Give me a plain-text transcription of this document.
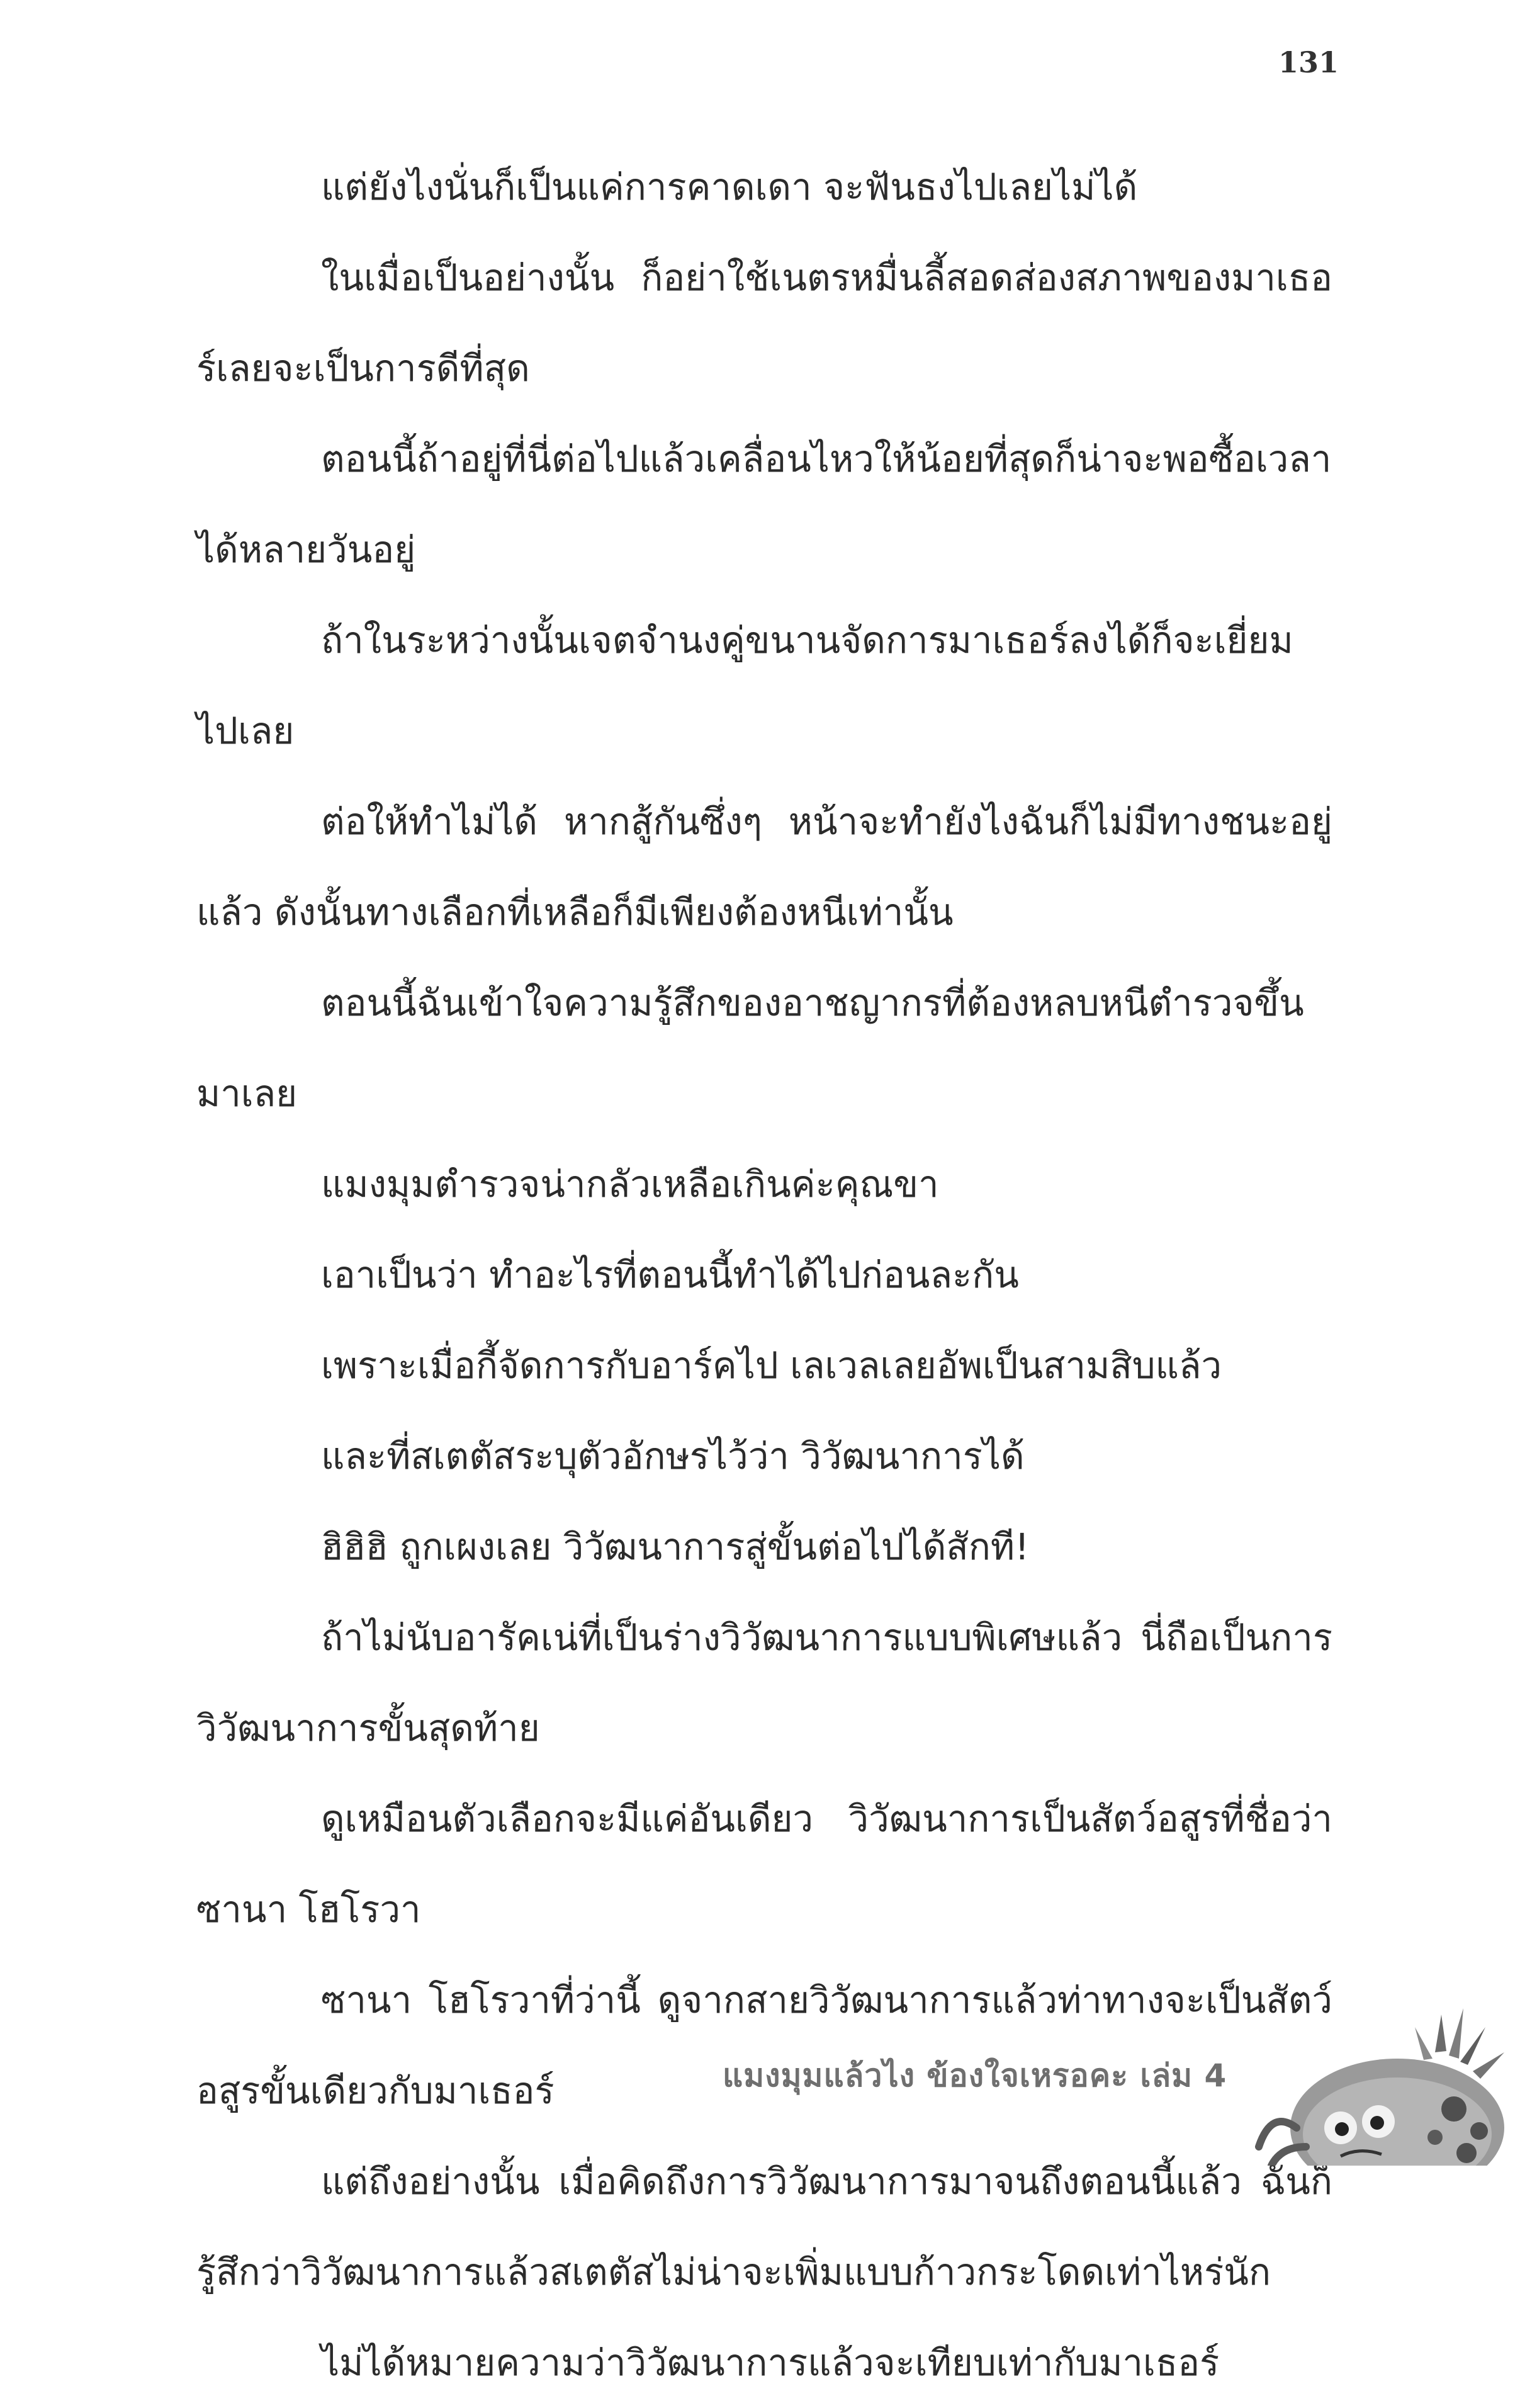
131

แต่ยังไงนั่นก็เป็นแค่การคาดเดา จะฟันธงไปเลยไม่ได้

ในเมื่อเป็นอย่างนั้น ก็อย่าใช้เนตรหมื่นลี้สอดส่องสภาพของมาเธอร์เลยจะเป็นการดีที่สุด

ตอนนี้ถ้าอยู่ที่นี่ต่อไปแล้วเคลื่อนไหวให้น้อยที่สุดก็น่าจะพอซื้อเวลาได้หลายวันอยู่

ถ้าในระหว่างนั้นเจตจำนงคู่ขนานจัดการมาเธอร์ลงได้ก็จะเยี่ยมไปเลย

ต่อให้ทำไม่ได้ หากสู้กันซึ่งๆ หน้าจะทำยังไงฉันก็ไม่มีทางชนะอยู่แล้ว ดังนั้นทางเลือกที่เหลือก็มีเพียงต้องหนีเท่านั้น

ตอนนี้ฉันเข้าใจความรู้สึกของอาชญากรที่ต้องหลบหนีตำรวจขึ้นมาเลย

แมงมุมตำรวจน่ากลัวเหลือเกินค่ะคุณขา

เอาเป็นว่า ทำอะไรที่ตอนนี้ทำได้ไปก่อนละกัน

เพราะเมื่อกี้จัดการกับอาร์คไป เลเวลเลยอัพเป็นสามสิบแล้ว

และที่สเตตัสระบุตัวอักษรไว้ว่า วิวัฒนาการได้

ฮิฮิฮิ ถูกเผงเลย วิวัฒนาการสู่ขั้นต่อไปได้สักที!

ถ้าไม่นับอารัคเน่ที่เป็นร่างวิวัฒนาการแบบพิเศษแล้ว นี่ถือเป็นการวิวัฒนาการขั้นสุดท้าย

ดูเหมือนตัวเลือกจะมีแค่อันเดียว วิวัฒนาการเป็นสัตว์อสูรที่ชื่อว่า ซานา โฮโรวา

ซานา โฮโรวาที่ว่านี้ ดูจากสายวิวัฒนาการแล้วท่าทางจะเป็นสัตว์อสูรขั้นเดียวกับมาเธอร์

แต่ถึงอย่างนั้น เมื่อคิดถึงการวิวัฒนาการมาจนถึงตอนนี้แล้ว ฉันก็รู้สึกว่าวิวัฒนาการแล้วสเตตัสไม่น่าจะเพิ่มแบบก้าวกระโดดเท่าไหร่นัก

ไม่ได้หมายความว่าวิวัฒนาการแล้วจะเทียบเท่ากับมาเธอร์

แมงมุมแล้วไง ข้องใจเหรอคะ เล่ม 4
